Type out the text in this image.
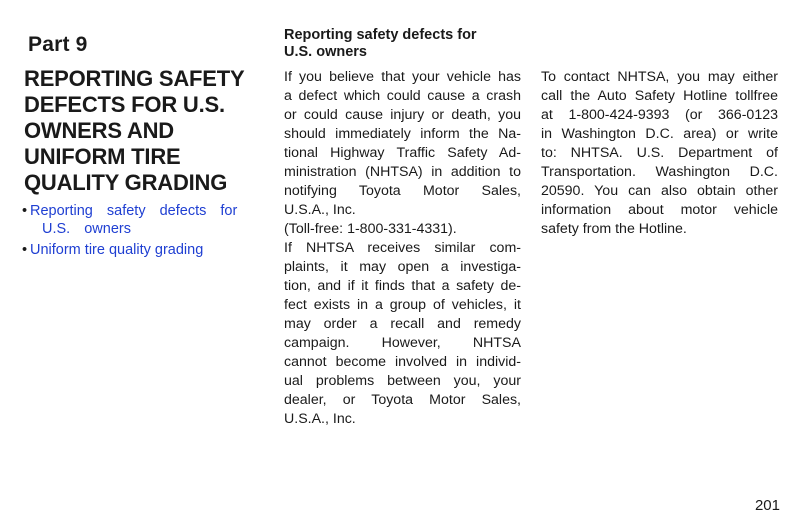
Part 9
REPORTING SAFETY
DEFECTS FOR U.S.
OWNERS AND
UNIFORM TIRE
QUALITY GRADING
• Reporting safety defects for
U.S. owners
• Uniform tire quality grading
Reporting safety defects for
U.S. owners
If you believe that your vehicle has
a defect which could cause a crash
or could cause injury or death, you
should immediately inform the Na-
tional Highway Traffic Safety Ad-
ministration (NHTSA) in addition to
notifying Toyota Motor Sales,
U.S.A., Inc.
(Toll-free: 1-800-331-4331).
If NHTSA receives similar com-
plaints, it may open a investiga-
tion, and if it finds that a safety de-
fect exists in a group of vehicles, it
may order a recall and remedy
campaign. However, NHTSA
cannot become involved in individ-
ual problems between you, your
dealer, or Toyota Motor Sales,
U.S.A., Inc.
To contact NHTSA, you may either
call the Auto Safety Hotline tollfree
at 1-800-424-9393 (or 366-0123
in Washington D.C. area) or write
to: NHTSA. U.S. Department of
Transportation. Washington D.C.
20590. You can also obtain other
information about motor vehicle
safety from the Hotline.
201
